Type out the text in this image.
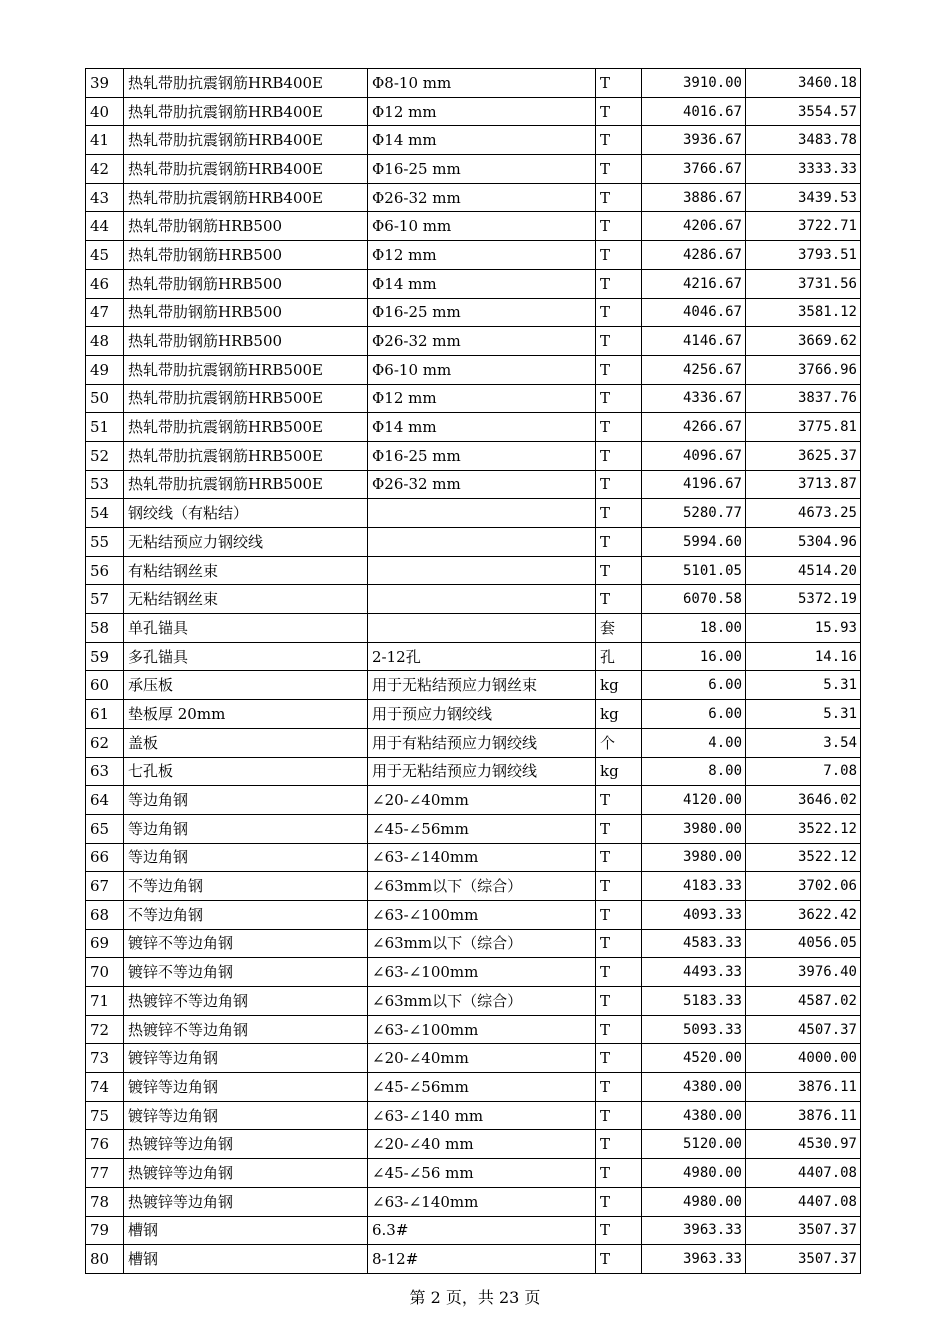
39	热轧带肋抗震钢筋HRB400E	Φ8-10 mm	T	3910.00	3460.18
40	热轧带肋抗震钢筋HRB400E	Φ12 mm	T	4016.67	3554.57
41	热轧带肋抗震钢筋HRB400E	Φ14 mm	T	3936.67	3483.78
42	热轧带肋抗震钢筋HRB400E	Φ16-25 mm	T	3766.67	3333.33
43	热轧带肋抗震钢筋HRB400E	Φ26-32 mm	T	3886.67	3439.53
44	热轧带肋钢筋HRB500	Φ6-10 mm	T	4206.67	3722.71
45	热轧带肋钢筋HRB500	Φ12 mm	T	4286.67	3793.51
46	热轧带肋钢筋HRB500	Φ14 mm	T	4216.67	3731.56
47	热轧带肋钢筋HRB500	Φ16-25 mm	T	4046.67	3581.12
48	热轧带肋钢筋HRB500	Φ26-32 mm	T	4146.67	3669.62
49	热轧带肋抗震钢筋HRB500E	Φ6-10 mm	T	4256.67	3766.96
50	热轧带肋抗震钢筋HRB500E	Φ12 mm	T	4336.67	3837.76
51	热轧带肋抗震钢筋HRB500E	Φ14 mm	T	4266.67	3775.81
52	热轧带肋抗震钢筋HRB500E	Φ16-25 mm	T	4096.67	3625.37
53	热轧带肋抗震钢筋HRB500E	Φ26-32 mm	T	4196.67	3713.87
54	钢绞线（有粘结）		T	5280.77	4673.25
55	无粘结预应力钢绞线		T	5994.60	5304.96
56	有粘结钢丝束		T	5101.05	4514.20
57	无粘结钢丝束		T	6070.58	5372.19
58	单孔锚具		套	18.00	15.93
59	多孔锚具	2-12孔	孔	16.00	14.16
60	承压板	用于无粘结预应力钢丝束	kg	6.00	5.31
61	垫板厚 20mm	用于预应力钢绞线	kg	6.00	5.31
62	盖板	用于有粘结预应力钢绞线	个	4.00	3.54
63	七孔板	用于无粘结预应力钢绞线	kg	8.00	7.08
64	等边角钢	∠20-∠40mm	T	4120.00	3646.02
65	等边角钢	∠45-∠56mm	T	3980.00	3522.12
66	等边角钢	∠63-∠140mm	T	3980.00	3522.12
67	不等边角钢	∠63mm以下（综合）	T	4183.33	3702.06
68	不等边角钢	∠63-∠100mm	T	4093.33	3622.42
69	镀锌不等边角钢	∠63mm以下（综合）	T	4583.33	4056.05
70	镀锌不等边角钢	∠63-∠100mm	T	4493.33	3976.40
71	热镀锌不等边角钢	∠63mm以下（综合）	T	5183.33	4587.02
72	热镀锌不等边角钢	∠63-∠100mm	T	5093.33	4507.37
73	镀锌等边角钢	∠20-∠40mm	T	4520.00	4000.00
74	镀锌等边角钢	∠45-∠56mm	T	4380.00	3876.11
75	镀锌等边角钢	∠63-∠140 mm	T	4380.00	3876.11
76	热镀锌等边角钢	∠20-∠40 mm	T	5120.00	4530.97
77	热镀锌等边角钢	∠45-∠56 mm	T	4980.00	4407.08
78	热镀锌等边角钢	∠63-∠140mm	T	4980.00	4407.08
79	槽钢	6.3#	T	3963.33	3507.37
80	槽钢	8-12#	T	3963.33	3507.37
第 2 页，共 23 页
